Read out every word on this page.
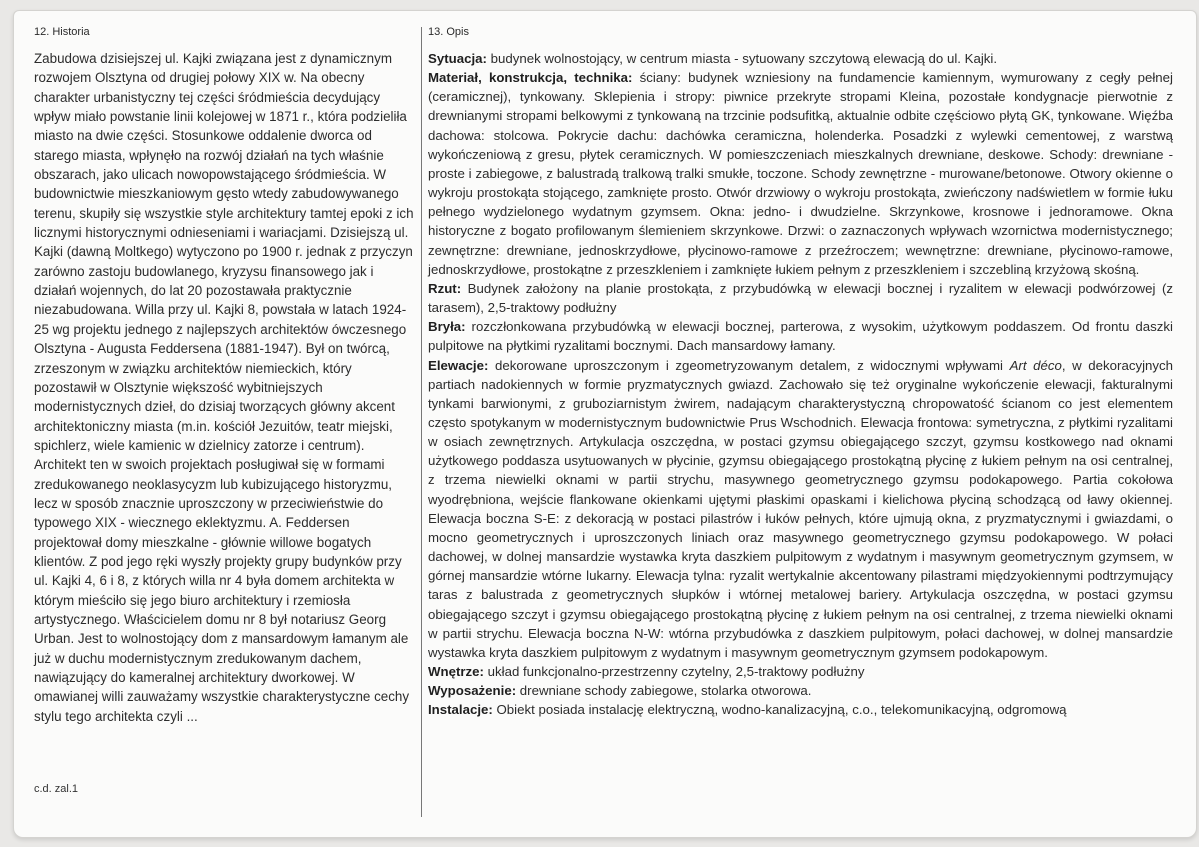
12. Historia

Zabudowa dzisiejszej ul. Kajki związana jest z dynamicznym rozwojem Olsztyna od drugiej połowy XIX w. Na obecny charakter urbanistyczny tej części śródmieścia decydujący wpływ miało powstanie linii kolejowej w 1871 r., która podzieliła miasto na dwie części. Stosunkowe oddalenie dworca od starego miasta, wpłynęło na rozwój działań na tych właśnie obszarach, jako ulicach nowopowstającego śródmieścia. W budownictwie mieszkaniowym gęsto wtedy zabudowywanego terenu, skupiły się wszystkie style architektury tamtej epoki z ich licznymi historycznymi odnieseniami i wariacjami. Dzisiejszą ul. Kajki (dawną Moltkego) wytyczono po 1900 r. jednak z przyczyn zarówno zastoju budowlanego, kryzysu finansowego jak i działań wojennych, do lat 20 pozostawała praktycznie niezabudowana. Willa przy ul. Kajki 8, powstała w latach 1924-25 wg projektu jednego z najlepszych architektów ówczesnego Olsztyna - Augusta Feddersena (1881-1947). Był on twórcą, zrzeszonym w związku architektów niemieckich, który pozostawił w Olsztynie większość wybitniejszych modernistycznych dzieł, do dzisiaj tworzących główny akcent architektoniczny miasta (m.in. kościół Jezuitów, teatr miejski, spichlerz, wiele kamienic w dzielnicy zatorze i centrum). Architekt ten w swoich projektach posługiwał się w formami zredukowanego neoklasycyzm lub kubizującego historyzmu, lecz w sposób znacznie uproszczony w przeciwieństwie do typowego XIX - wiecznego eklektyzmu. A. Feddersen projektował domy mieszkalne - głównie willowe bogatych klientów. Z pod jego ręki wyszły projekty grupy budynków przy ul. Kajki 4, 6 i 8, z których willa nr 4 była domem architekta w którym mieściło się jego biuro architektury i rzemiosła artystycznego. Właścicielem domu nr 8 był notariusz Georg Urban. Jest to wolnostojący dom z mansardowym łamanym ale już w duchu modernistycznym zredukowanym dachem, nawiązujący do kameralnej architektury dworkowej. W omawianej willi zauważamy wszystkie charakterystyczne cechy stylu tego architekta czyli ...

c.d. zal.1
13. Opis

Sytuacja: budynek wolnostojący, w centrum miasta - sytuowany szczytową elewacją do ul. Kajki.

Materiał, konstrukcja, technika: ściany: budynek wzniesiony na fundamencie kamiennym, wymurowany z cegły pełnej (ceramicznej), tynkowany. Sklepienia i stropy: piwnice przekryte stropami Kleina, pozostałe kondygnacje pierwotnie z drewnianymi stropami belkowymi z tynkowaną na trzcinie podsufitką, aktualnie odbite częściowo płytą GK, tynkowane. Więźba dachowa: stolcowa. Pokrycie dachu: dachówka ceramiczna, holenderka. Posadzki z wylewki cementowej, z warstwą wykończeniową z gresu, płytek ceramicznych. W pomieszczeniach mieszkalnych drewniane, deskowe. Schody: drewniane - proste i zabiegowe, z balustradą tralkową tralki smukłe, toczone. Schody zewnętrzne - murowane/betonowe. Otwory okienne o wykroju prostokąta stojącego, zamknięte prosto. Otwór drzwiowy o wykroju prostokąta, zwieńczony nadświetlem w formie łuku pełnego wydzielonego wydatnym gzymsem. Okna: jedno- i dwudzielne. Skrzynkowe, krosnowe i jednoramowe. Okna historyczne z bogato profilowanym ślemieniem skrzynkowe. Drzwi: o zaznaczonych wpływach wzornictwa modernistycznego; zewnętrzne: drewniane, jednoskrzydłowe, płycinowo-ramowe z przeźroczem; wewnętrzne: drewniane, płycinowo-ramowe, jednoskrzydłowe, prostokątne z przeszkleniem i zamknięte łukiem pełnym z przeszkleniem i szczebliną krzyżową skośną.

Rzut: Budynek założony na planie prostokąta, z przybudówką w elewacji bocznej i ryzalitem w elewacji podwórzowej (z tarasem), 2,5-traktowy podłużny

Bryła: rozczłonkowana przybudówką w elewacji bocznej, parterowa, z wysokim, użytkowym poddaszem. Od frontu daszki pulpitowe na płytkimi ryzalitami bocznymi. Dach mansardowy łamany.

Elewacje: dekorowane uproszczonym i zgeometryzowanym detalem, z widocznymi wpływami Art déco, w dekoracyjnych partiach nadokiennych w formie pryzmatycznych gwiazd. Zachowało się też oryginalne wykończenie elewacji, fakturalnymi tynkami barwionymi, z gruboziarnistym żwirem, nadającym charakterystyczną chropowatość ścianom co jest elementem często spotykanym w modernistycznym budownictwie Prus Wschodnich. Elewacja frontowa: symetryczna, z płytkimi ryzalitami w osiach zewnętrznych. Artykulacja oszczędna, w postaci gzymsu obiegającego szczyt, gzymsu kostkowego nad oknami użytkowego poddasza usytuowanych w płycinie, gzymsu obiegającego prostokątną płycinę z łukiem pełnym na osi centralnej, z trzema niewielki oknami w partii strychu, masywnego geometrycznego gzymsu podokapowego. Partia cokołowa wyodrębniona, wejście flankowane okienkami ujętymi płaskimi opaskami i kielichowa płyciną schodzącą od ławy okiennej. Elewacja boczna S-E: z dekoracją w postaci pilastrów i łuków pełnych, które ujmują okna, z pryzmatycznymi i gwiazdami, o mocno geometrycznych i uproszczonych liniach oraz masywnego geometrycznego gzymsu podokapowego. W połaci dachowej, w dolnej mansardzie wystawka kryta daszkiem pulpitowym z wydatnym i masywnym geometrycznym gzymsem, w górnej mansardzie wtórne lukarny. Elewacja tylna: ryzalit wertykalnie akcentowany pilastrami międzyokiennymi podtrzymujący taras z balustrada z geometrycznych słupków i wtórnej metalowej bariery. Artykulacja oszczędna, w postaci gzymsu obiegającego szczyt i gzymsu obiegającego prostokątną płycinę z łukiem pełnym na osi centralnej, z trzema niewielki oknami w partii strychu. Elewacja boczna N-W: wtórna przybudówka z daszkiem pulpitowym, połaci dachowej, w dolnej mansardzie wystawka kryta daszkiem pulpitowym z wydatnym i masywnym geometrycznym gzymsem podokapowym.

Wnętrze: układ funkcjonalno-przestrzenny czytelny, 2,5-traktowy podłużny

Wyposażenie: drewniane schody zabiegowe, stolarka otworowa.

Instalacje: Obiekt posiada instalację elektryczną, wodno-kanalizacyjną, c.o., telekomunikacyjną, odgromową
